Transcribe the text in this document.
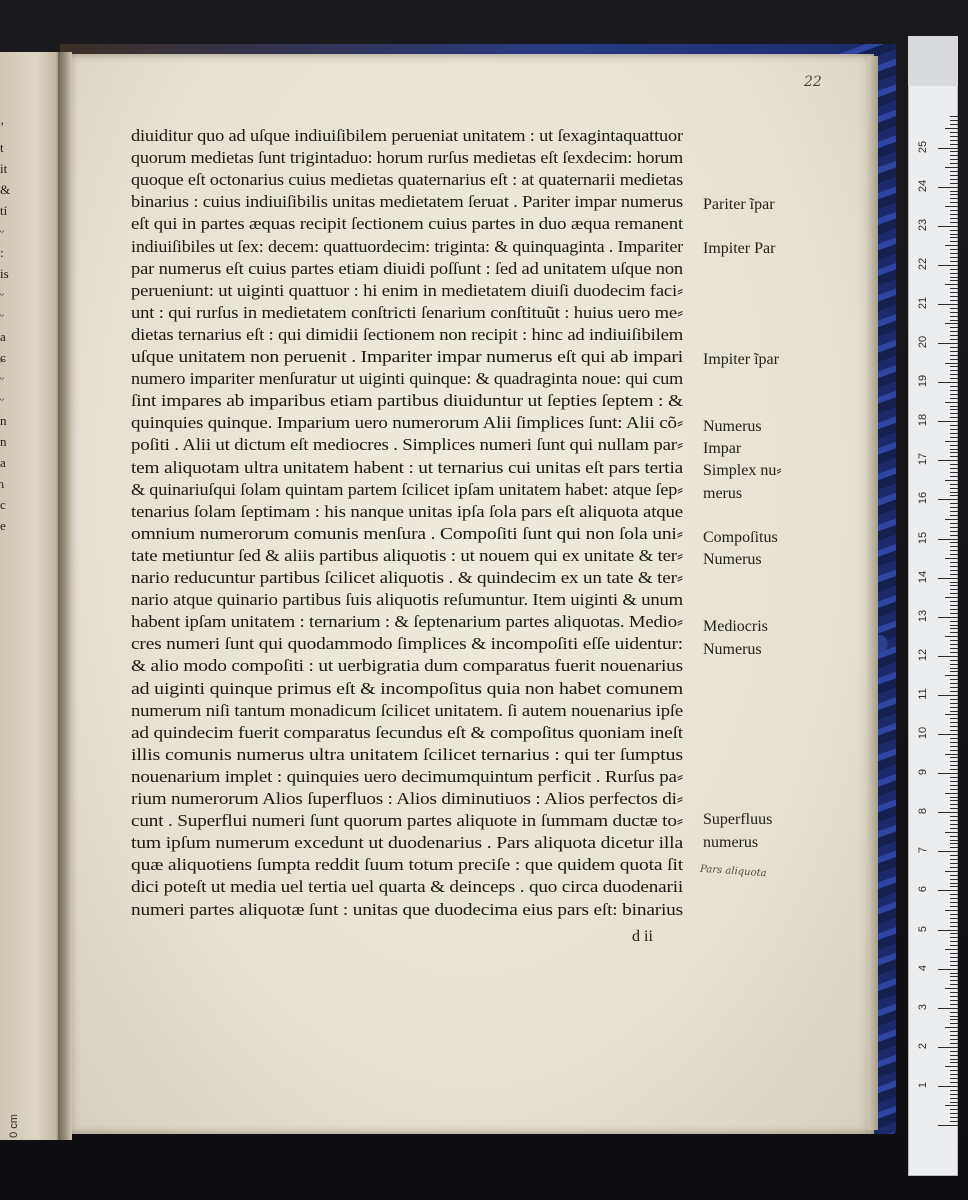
ʼ
t
it
&
tí
ᵕ
:
is
ᵕ
ᵕ
a
ɕ
ᵕ
ᵕ
n
n
a
ɿ
c
e
22
diuiditur quo ad uſque indiuiſibilem perueniat unitatem : ut ſexagintaquattuor
quorum medietas ſunt trigintaduo: horum rurſus medietas eſt ſexdecim: horum
quoque eſt octonarius cuius medietas quaternarius eſt : at quaternarii medietas
binarius : cuius indiuiſibilis unitas medietatem ſeruat . Pariter impar numerus
eſt qui in partes æquas recipit ſectionem cuius partes in duo æqua remanent
indiuiſibiles ut ſex: decem: quattuordecim: triginta: & quinquaginta . Impariter
par numerus eſt cuius partes etiam diuidi poſſunt : ſed ad unitatem uſque non
perueniunt: ut uiginti quattuor : hi enim in medietatem diuiſi duodecim faci⸗
unt : qui rurſus in medietatem conſtricti ſenarium conſtituũt : huius uero me⸗
dietas ternarius eſt : qui dimidii ſectionem non recipit : hinc ad indiuiſibilem
uſque unitatem non peruenit . Impariter impar numerus eſt qui ab impari
numero impariter menſuratur ut uiginti quinque: & quadraginta noue: qui cum
ſint impares ab imparibus etiam partibus diuiduntur ut ſepties ſeptem : &
quinquies quinque. Imparium uero numerorum Alii ſimplices ſunt: Alii cõ⸗
poſiti . Alii ut dictum eſt mediocres . Simplices numeri ſunt qui nullam par⸗
tem aliquotam ultra unitatem habent : ut ternarius cui unitas eſt pars tertia
& quinariuſqui ſolam quintam partem ſcilicet ipſam unitatem habet: atque ſep⸗
tenarius ſolam ſeptimam : his nanque unitas ipſa ſola pars eſt aliquota atque
omnium numerorum comunis menſura . Compoſiti ſunt qui non ſola uni⸗
tate metiuntur ſed & aliis partibus aliquotis : ut nouem qui ex unitate & ter⸗
nario reducuntur partibus ſcilicet aliquotis . & quindecim ex un tate & ter⸗
nario atque quinario partibus ſuis aliquotis reſumuntur. Item uiginti & unum
habent ipſam unitatem : ternarium : & ſeptenarium partes aliquotas. Medio⸗
cres numeri ſunt qui quodammodo ſimplices & incompoſiti eſſe uidentur:
& alio modo compoſiti : ut uerbigratia dum comparatus fuerit nouenarius
ad uiginti quinque primus eſt & incompoſitus quia non habet comunem
numerum niſi tantum monadicum ſcilicet unitatem. ſi autem nouenarius ipſe
ad quindecim fuerit comparatus ſecundus eſt & compoſitus quoniam ineſt
illis comunis numerus ultra unitatem ſcilicet ternarius : qui ter ſumptus
nouenarium implet : quinquies uero decimumquintum perficit . Rurſus pa⸗
rium numerorum Alios ſuperfluos : Alios diminutiuos : Alios perfectos di⸗
cunt . Superflui numeri ſunt quorum partes aliquote in ſummam ductæ to⸗
tum ipſum numerum excedunt ut duodenarius . Pars aliquota dicetur illa
quæ aliquotiens ſumpta reddit ſuum totum preciſe : que quidem quota ſit
dici poteſt ut media uel tertia uel quarta & deinceps . quo circa duodenarii
numeri partes aliquotæ ſunt : unitas que duodecima eius pars eſt: binarius
Pariter ĩpar
Impiter Par
Impiter ĩpar
Numerus
Impar
Simplex nu⸗
merus
Compoſitus
Numerus
Mediocris
Numerus
Superfluus
numerus
Pars aliquota
d ii
1
2
3
4
5
6
7
8
9
10
11
12
13
14
15
16
17
18
19
20
21
22
23
24
25
0 cm
